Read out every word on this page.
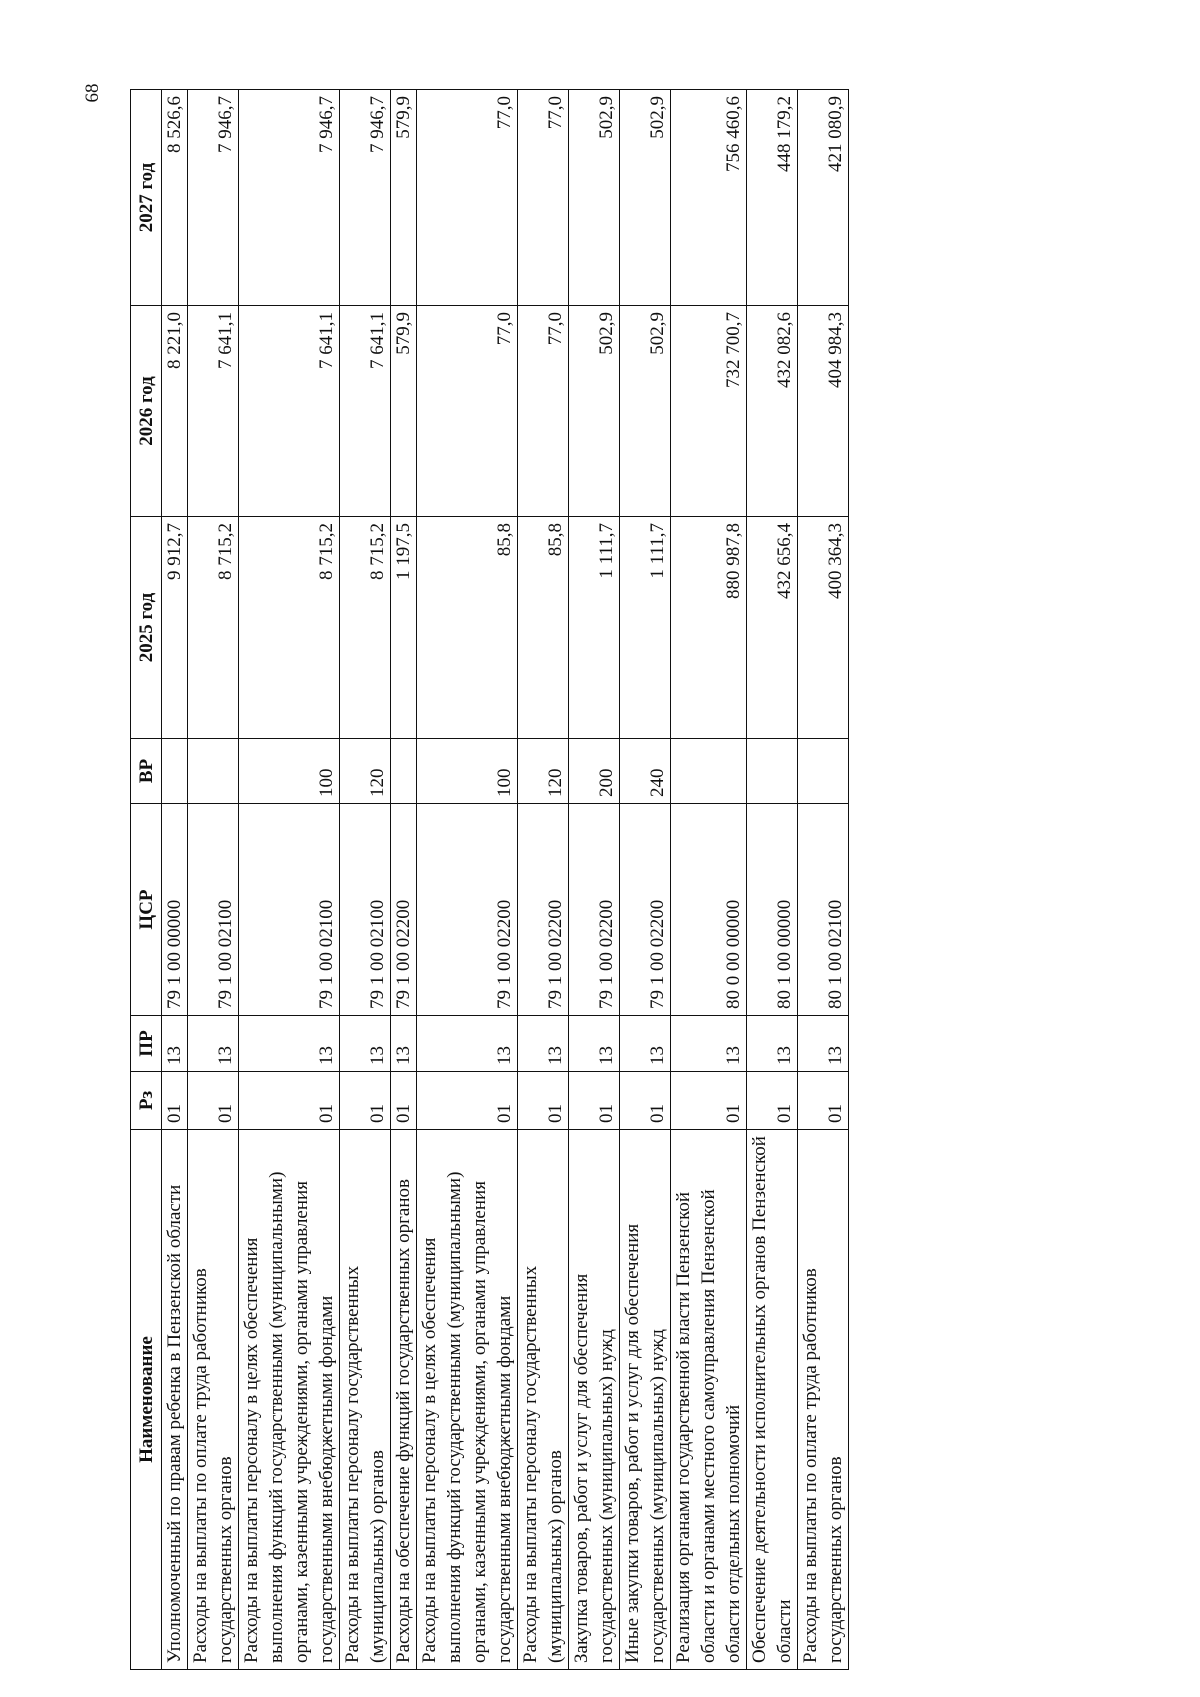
68
Наименование	Рз	ПР	ЦСР	ВР	2025 год	2026 год	2027 год
Уполномоченный по правам ребенка в Пензенской области	01	13	79 1 00 00000		9 912,7	8 221,0	8 526,6
Расходы на выплаты по оплате труда работников государственных органов	01	13	79 1 00 02100		8 715,2	7 641,1	7 946,7
Расходы на выплаты персоналу в целях обеспечения выполнения функций государственными (муниципальными) органами, казенными учреждениями, органами управления государственными внебюджетными фондами	01	13	79 1 00 02100	100	8 715,2	7 641,1	7 946,7
Расходы на выплаты персоналу государственных (муниципальных) органов	01	13	79 1 00 02100	120	8 715,2	7 641,1	7 946,7
Расходы на обеспечение функций государственных органов	01	13	79 1 00 02200		1 197,5	579,9	579,9
Расходы на выплаты персоналу в целях обеспечения выполнения функций государственными (муниципальными) органами, казенными учреждениями, органами управления государственными внебюджетными фондами	01	13	79 1 00 02200	100	85,8	77,0	77,0
Расходы на выплаты персоналу государственных (муниципальных) органов	01	13	79 1 00 02200	120	85,8	77,0	77,0
Закупка товаров, работ и услуг для обеспечения государственных (муниципальных) нужд	01	13	79 1 00 02200	200	1 111,7	502,9	502,9
Иные закупки товаров, работ и услуг для обеспечения государственных (муниципальных) нужд	01	13	79 1 00 02200	240	1 111,7	502,9	502,9
Реализация органами государственной власти Пензенской области и органами местного самоуправления Пензенской области отдельных полномочий	01	13	80 0 00 00000		880 987,8	732 700,7	756 460,6
Обеспечение деятельности исполнительных органов Пензенской области	01	13	80 1 00 00000		432 656,4	432 082,6	448 179,2
Расходы на выплаты по оплате труда работников государственных органов	01	13	80 1 00 02100		400 364,3	404 984,3	421 080,9
